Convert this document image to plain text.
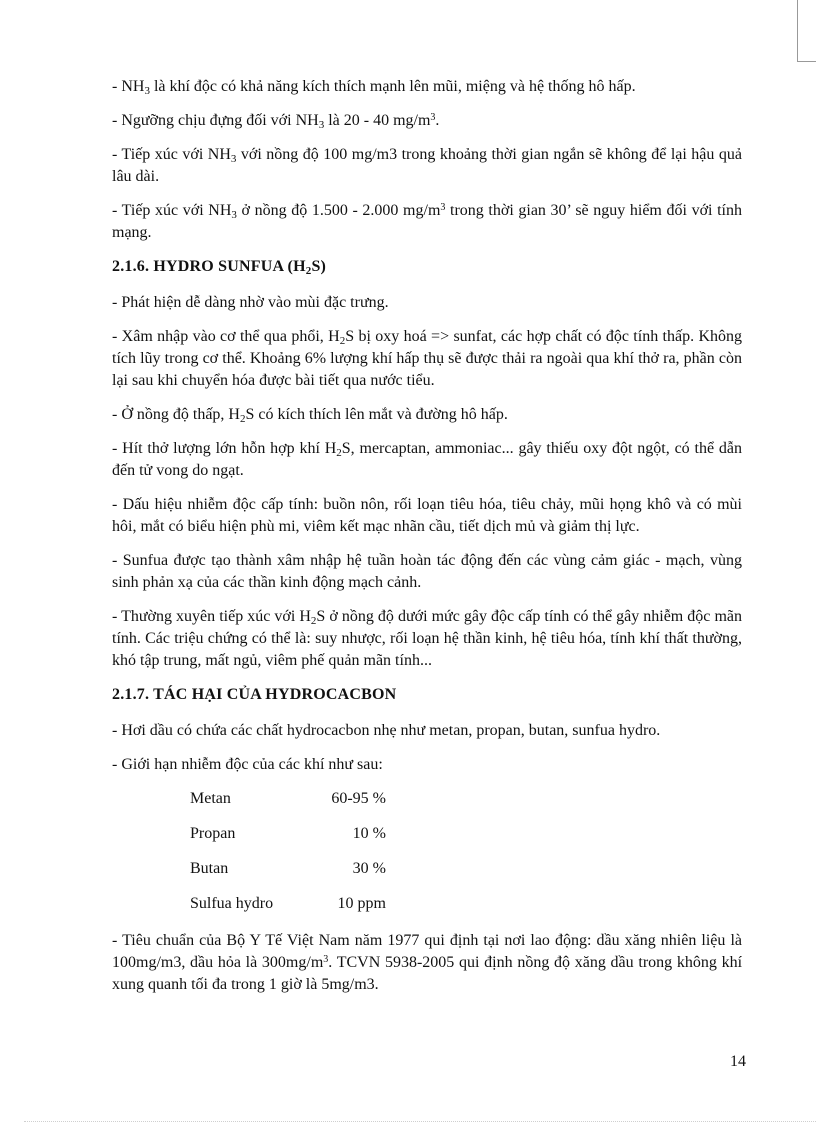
- $NH_3$ là khí độc có khả năng kích thích mạnh lên mũi, miệng và hệ thống hô hấp.

- Ngưỡng chịu đựng đối với $NH_3$ là 20 - 40 $mg/m^3$.

- Tiếp xúc với $NH_3$ với nồng độ 100 mg/m3 trong khoảng thời gian ngắn sẽ không để lại hậu quả lâu dài.

- Tiếp xúc với $NH_3$ ở nồng độ 1.500 - 2.000 $mg/m^3$ trong thời gian 30’ sẽ nguy hiểm đối với tính mạng.

2.1.6. HYDRO SUNFUA $(H_2S)$

- Phát hiện dễ dàng nhờ vào mùi đặc trưng.

- Xâm nhập vào cơ thể qua phổi, $H_2S$ bị oxy hoá => sunfat, các hợp chất có độc tính thấp. Không tích lũy trong cơ thể. Khoảng 6% lượng khí hấp thụ sẽ được thải ra ngoài qua khí thở ra, phần còn lại sau khi chuyển hóa được bài tiết qua nước tiểu.

- Ở nồng độ thấp, $H_2S$ có kích thích lên mắt và đường hô hấp.

- Hít thở lượng lớn hỗn hợp khí $H_2S$, mercaptan, ammoniac... gây thiếu oxy đột ngột, có thể dẫn đến tử vong do ngạt.

- Dấu hiệu nhiễm độc cấp tính: buồn nôn, rối loạn tiêu hóa, tiêu chảy, mũi họng khô và có mùi hôi, mắt có biểu hiện phù mi, viêm kết mạc nhãn cầu, tiết dịch mủ và giảm thị lực.

- Sunfua được tạo thành xâm nhập hệ tuần hoàn tác động đến các vùng cảm giác - mạch, vùng sinh phản xạ của các thần kinh động mạch cảnh.

- Thường xuyên tiếp xúc với $H_2S$ ở nồng độ dưới mức gây độc cấp tính có thể gây nhiễm độc mãn tính. Các triệu chứng có thể là: suy nhược, rối loạn hệ thần kinh, hệ tiêu hóa, tính khí thất thường, khó tập trung, mất ngủ, viêm phế quản mãn tính...

2.1.7. TÁC HẠI CỦA HYDROCACBON

- Hơi dầu có chứa các chất hydrocacbon nhẹ như metan, propan, butan, sunfua hydro.

- Giới hạn nhiễm độc của các khí như sau:

Metan	60-95 %
Propan	10 %
Butan	30 %
Sulfua hydro	10 ppm

- Tiêu chuẩn của Bộ Y Tế Việt Nam năm 1977 qui định tại nơi lao động: dầu xăng nhiên liệu là 100mg/m3, dầu hỏa là $300mg/m^3$. TCVN 5938-2005 qui định nồng độ xăng dầu trong không khí xung quanh tối đa trong 1 giờ là 5mg/m3.

14
